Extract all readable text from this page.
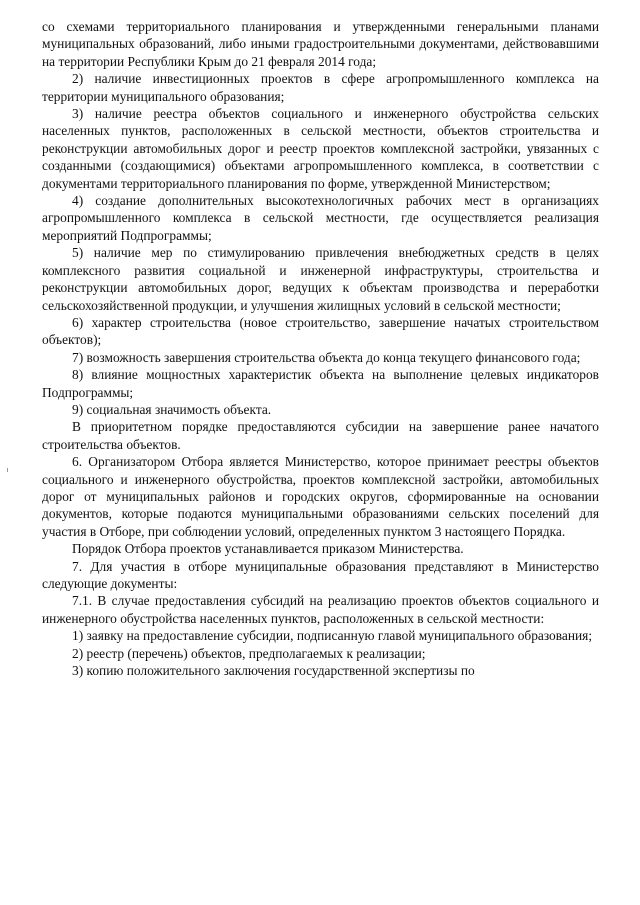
со схемами территориального планирования и утвержденными генеральными планами муниципальных образований, либо иными градостроительными документами, действовавшими на территории Республики Крым до 21 февраля 2014 года;

2) наличие инвестиционных проектов в сфере агропромышленного комплекса на территории муниципального образования;

3) наличие реестра объектов социального и инженерного обустройства сельских населенных пунктов, расположенных в сельской местности, объектов строительства и реконструкции автомобильных дорог и реестр проектов комплексной застройки, увязанных с созданными (создающимися) объектами агропромышленного комплекса, в соответствии с документами территориального планирования по форме, утвержденной Министерством;

4) создание дополнительных высокотехнологичных рабочих мест в организациях агропромышленного комплекса в сельской местности, где осуществляется реализация мероприятий Подпрограммы;

5) наличие мер по стимулированию привлечения внебюджетных средств в целях комплексного развития социальной и инженерной инфраструктуры, строительства и реконструкции автомобильных дорог, ведущих к объектам производства и переработки сельскохозяйственной продукции, и улучшения жилищных условий в сельской местности;

6) характер строительства (новое строительство, завершение начатых строительством объектов);

7) возможность завершения строительства объекта до конца текущего финансового года;

8) влияние мощностных характеристик объекта на выполнение целевых индикаторов Подпрограммы;

9) социальная значимость объекта.

В приоритетном порядке предоставляются субсидии на завершение ранее начатого строительства объектов.

6. Организатором Отбора является Министерство, которое принимает реестры объектов социального и инженерного обустройства, проектов комплексной застройки, автомобильных дорог от муниципальных районов и городских округов, сформированные на основании документов, которые подаются муниципальными образованиями сельских поселений для участия в Отборе, при соблюдении условий, определенных пунктом 3 настоящего Порядка.

Порядок Отбора проектов устанавливается приказом Министерства.

7. Для участия в отборе муниципальные образования представляют в Министерство следующие документы:

7.1. В случае предоставления субсидий на реализацию проектов объектов социального и инженерного обустройства населенных пунктов, расположенных в сельской местности:

1) заявку на предоставление субсидии, подписанную главой муниципального образования;

2) реестр (перечень) объектов, предполагаемых к реализации;

3) копию положительного заключения государственной экспертизы по
